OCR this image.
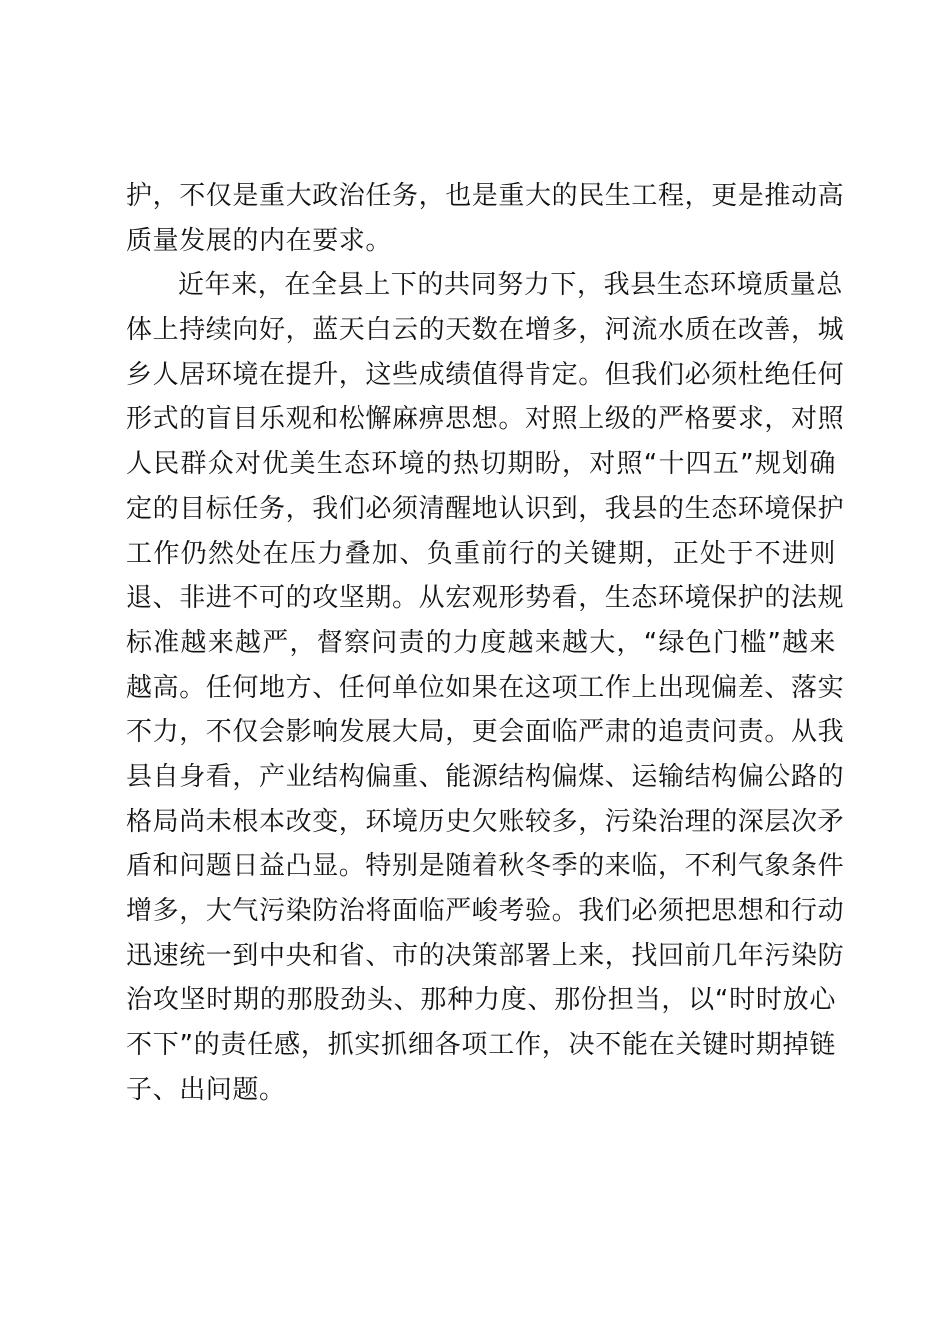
护，不仅是重大政治任务，也是重大的民生工程，更是推动高
质量发展的内在要求。
近年来，在全县上下的共同努力下，我县生态环境质量总
体上持续向好，蓝天白云的天数在增多，河流水质在改善，城
乡人居环境在提升，这些成绩值得肯定。但我们必须杜绝任何
形式的盲目乐观和松懈麻痹思想。对照上级的严格要求，对照
人民群众对优美生态环境的热切期盼，对照“十四五”规划确
定的目标任务，我们必须清醒地认识到，我县的生态环境保护
工作仍然处在压力叠加、负重前行的关键期，正处于不进则
退、非进不可的攻坚期。从宏观形势看，生态环境保护的法规
标准越来越严，督察问责的力度越来越大，“绿色门槛”越来
越高。任何地方、任何单位如果在这项工作上出现偏差、落实
不力，不仅会影响发展大局，更会面临严肃的追责问责。从我
县自身看，产业结构偏重、能源结构偏煤、运输结构偏公路的
格局尚未根本改变，环境历史欠账较多，污染治理的深层次矛
盾和问题日益凸显。特别是随着秋冬季的来临，不利气象条件
增多，大气污染防治将面临严峻考验。我们必须把思想和行动
迅速统一到中央和省、市的决策部署上来，找回前几年污染防
治攻坚时期的那股劲头、那种力度、那份担当，以“时时放心
不下”的责任感，抓实抓细各项工作，决不能在关键时期掉链
子、出问题。
